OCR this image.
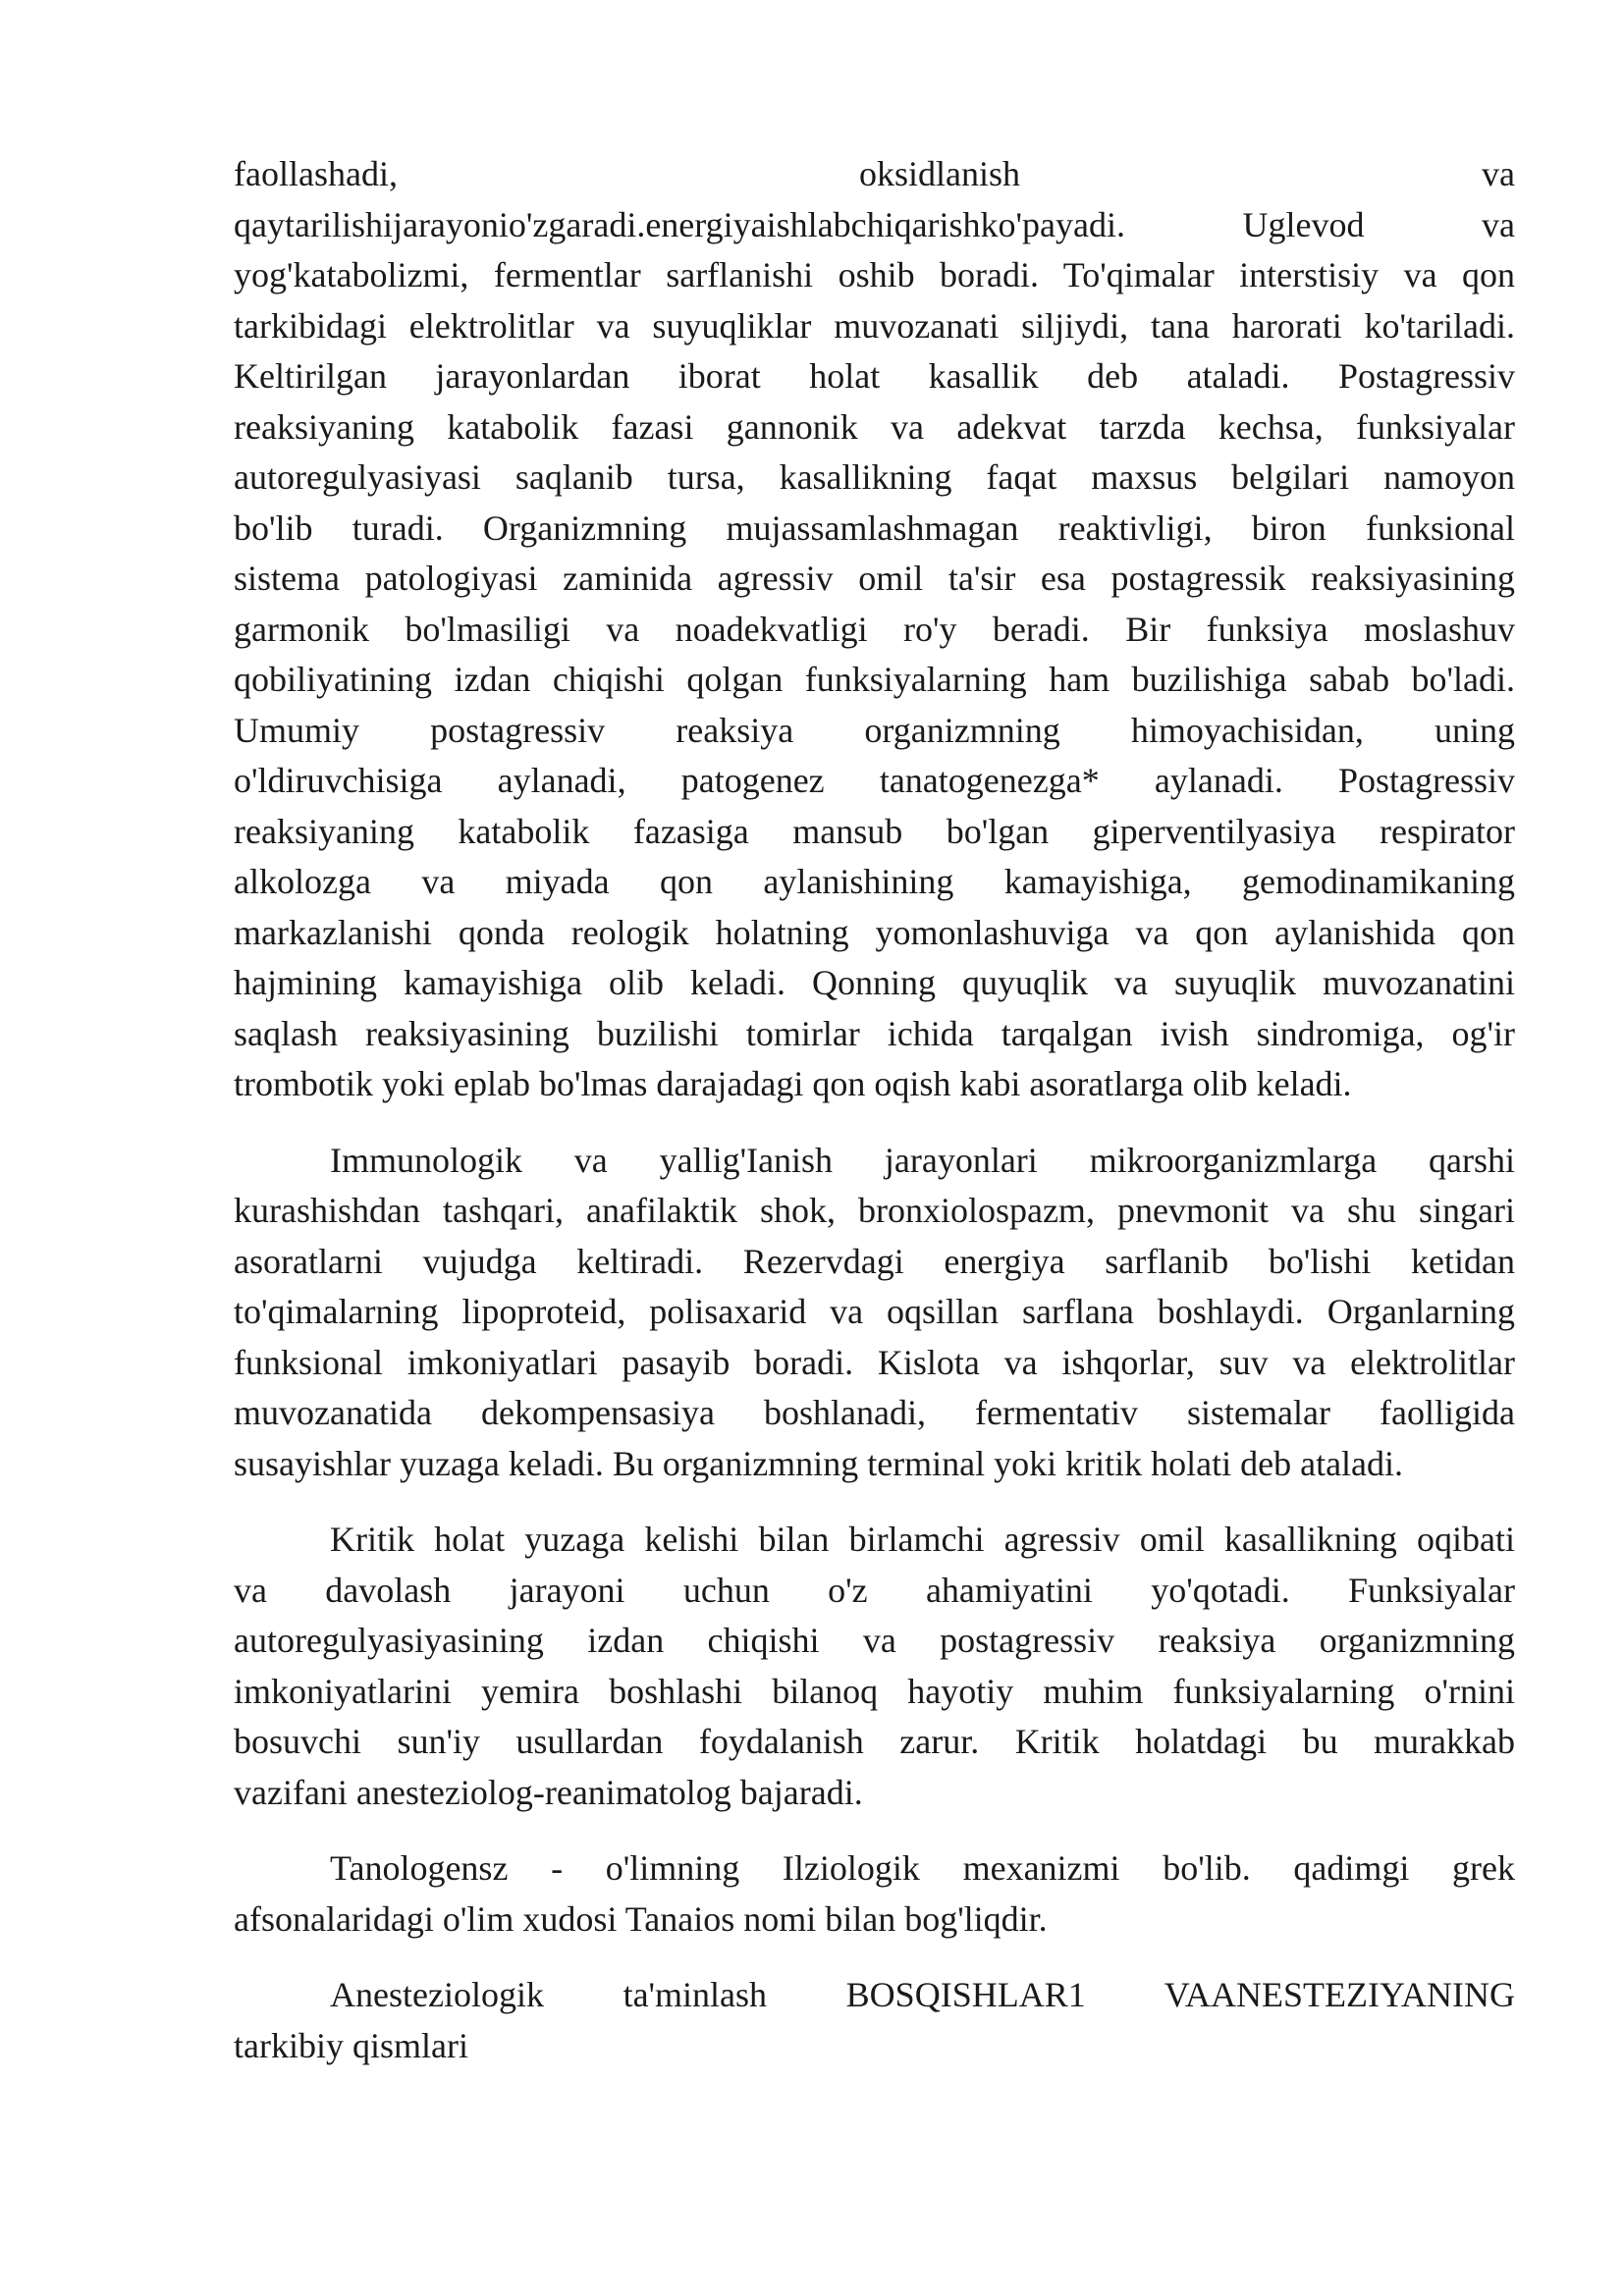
faollashadi, oksidlanish va
qaytarilishijarayonio'zgaradi.energiyaishlabchiqarishko'payadi. Uglevod va
yog'katabolizmi, fermentlar sarflanishi oshib boradi. To'qimalar interstisiy va qon
tarkibidagi elektrolitlar va suyuqliklar muvozanati siljiydi, tana harorati ko'tariladi.
Keltirilgan jarayonlardan iborat holat kasallik deb ataladi. Postagressiv
reaksiyaning katabolik fazasi gannonik va adekvat tarzda kechsa, funksiyalar
autoregulyasiyasi saqlanib tursa, kasallikning faqat maxsus belgilari namoyon
bo'lib turadi. Organizmning mujassamlashmagan reaktivligi, biron funksional
sistema patologiyasi zaminida agressiv omil ta'sir esa postagressik reaksiyasining
garmonik bo'lmasiligi va noadekvatligi ro'y beradi. Bir funksiya moslashuv
qobiliyatining izdan chiqishi qolgan funksiyalarning ham buzilishiga sabab bo'ladi.
Umumiy postagressiv reaksiya organizmning himoyachisidan, uning
o'ldiruvchisiga aylanadi, patogenez tanatogenezga* aylanadi. Postagressiv
reaksiyaning katabolik fazasiga mansub bo'lgan giperventilyasiya respirator
alkolozga va miyada qon aylanishining kamayishiga, gemodinamikaning
markazlanishi qonda reologik holatning yomonlashuviga va qon aylanishida qon
hajmining kamayishiga olib keladi. Qonning quyuqlik va suyuqlik muvozanatini
saqlash reaksiyasining buzilishi tomirlar ichida tarqalgan ivish sindromiga, og'ir
trombotik yoki eplab bo'lmas darajadagi qon oqish kabi asoratlarga olib keladi.
Immunologik va yallig'Ianish jarayonlari mikroorganizmlarga qarshi
kurashishdan tashqari, anafilaktik shok, bronxiolospazm, pnevmonit va shu singari
asoratlarni vujudga keltiradi. Rezervdagi energiya sarflanib bo'lishi ketidan
to'qimalarning lipoproteid, polisaxarid va oqsillan sarflana boshlaydi. Organlarning
funksional imkoniyatlari pasayib boradi. Kislota va ishqorlar, suv va elektrolitlar
muvozanatida dekompensasiya boshlanadi, fermentativ sistemalar faolligida
susayishlar yuzaga keladi. Bu organizmning terminal yoki kritik holati deb ataladi.
Kritik holat yuzaga kelishi bilan birlamchi agressiv omil kasallikning oqibati
va davolash jarayoni uchun o'z ahamiyatini yo'qotadi. Funksiyalar
autoregulyasiyasining izdan chiqishi va postagressiv reaksiya organizmning
imkoniyatlarini yemira boshlashi bilanoq hayotiy muhim funksiyalarning o'rnini
bosuvchi sun'iy usullardan foydalanish zarur. Kritik holatdagi bu murakkab
vazifani anesteziolog-reanimatolog bajaradi.
Tanologensz - o'limning Ilziologik mexanizmi bo'lib. qadimgi grek
afsonalaridagi o'lim xudosi Tanaios nomi bilan bog'liqdir.
Anesteziologik ta'minlash BOSQISHLAR1 VAANESTEZIYANING
tarkibiy qismlari
